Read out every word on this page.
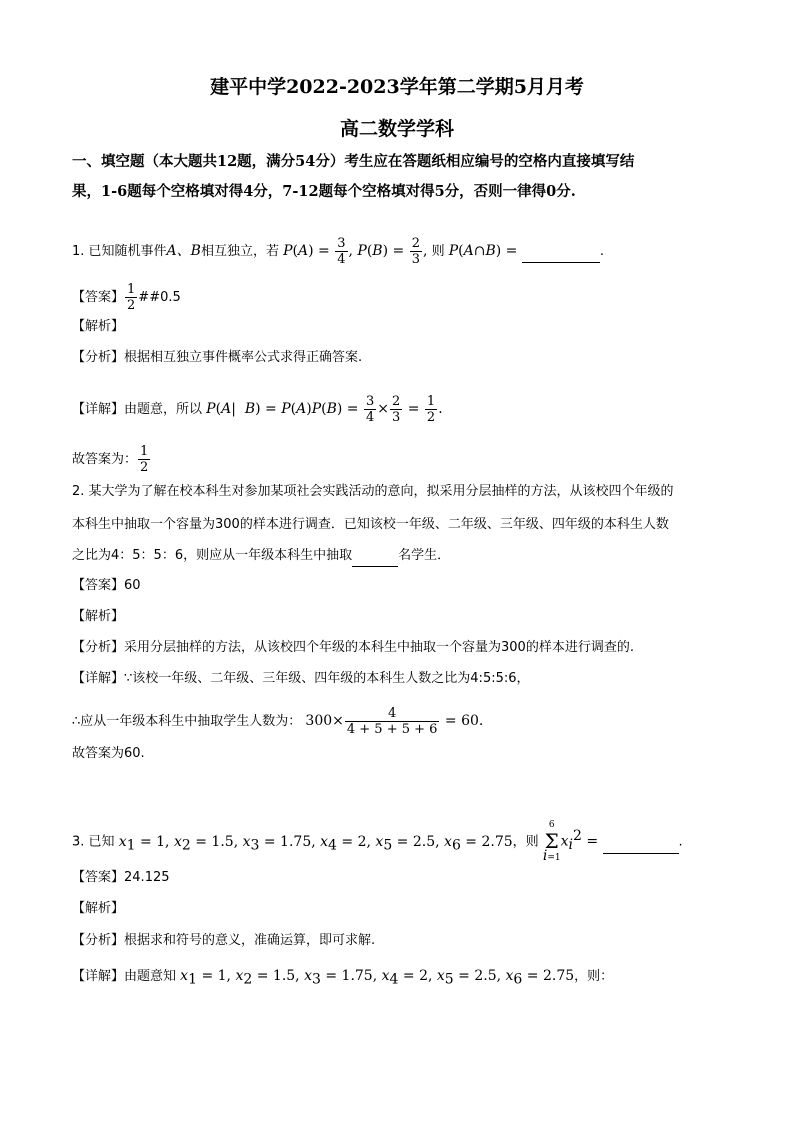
建平中学2022-2023学年第二学期5月月考
高二数学学科
一、填空题（本大题共12题，满分54分）考生应在答题纸相应编号的空格内直接填写结
果，1-6题每个空格填对得4分，7-12题每个空格填对得5分，否则一律得0分.
1. 已知随机事件A、B相互独立，若 $P(A) = \frac{3}{4}$ , $P(B) = \frac{2}{3}$ , 则 P(A∩B) =	.
【答案】 $\frac{1}{2}$ ##0.5
【解析】
【分析】根据相互独立事件概率公式求得正确答案.
【详解】由题意，所以 P(A|  $B) = P(A)P(B) = \frac{3}{4} \times \frac{2}{3} = \frac{1}{2}$ .
故答案为： $\frac{1}{2}$
2. 某大学为了解在校本科生对参加某项社会实践活动的意向，拟采用分层抽样的方法，从该校四个年级的
本科生中抽取一个容量为300的样本进行调查．已知该校一年级、二年级、三年级、四年级的本科生人数
之比为4：5：5：6，则应从一年级本科生中抽取	名学生．
【答案】60
【解析】
【分析】采用分层抽样的方法，从该校四个年级的本科生中抽取一个容量为300的样本进行调查的.
【详解】∵该校一年级、二年级、三年级、四年级的本科生人数之比为4:5:5:6，
∴应从一年级本科生中抽取学生人数为： $300\times \frac{4}{4 + 5 + 5 + 6} = 60$.
故答案为60.
3. 已知 $x_1 = 1$, $x_2 = 1.5$, $x_3 = 1.75$, $x_4 = 2$, $x_5 = 2.5$, $x_6 = 2.75$，则
6
Σ
i=1
$x_i^2$ =	.
【答案】24.125
【解析】
【分析】根据求和符号的意义，准确运算，即可求解.
【详解】由题意知 $x_1 = 1$, $x_2 = 1.5$, $x_3 = 1.75$, $x_4 = 2$, $x_5 = 2.5$, $x_6 = 2.75$，则：
